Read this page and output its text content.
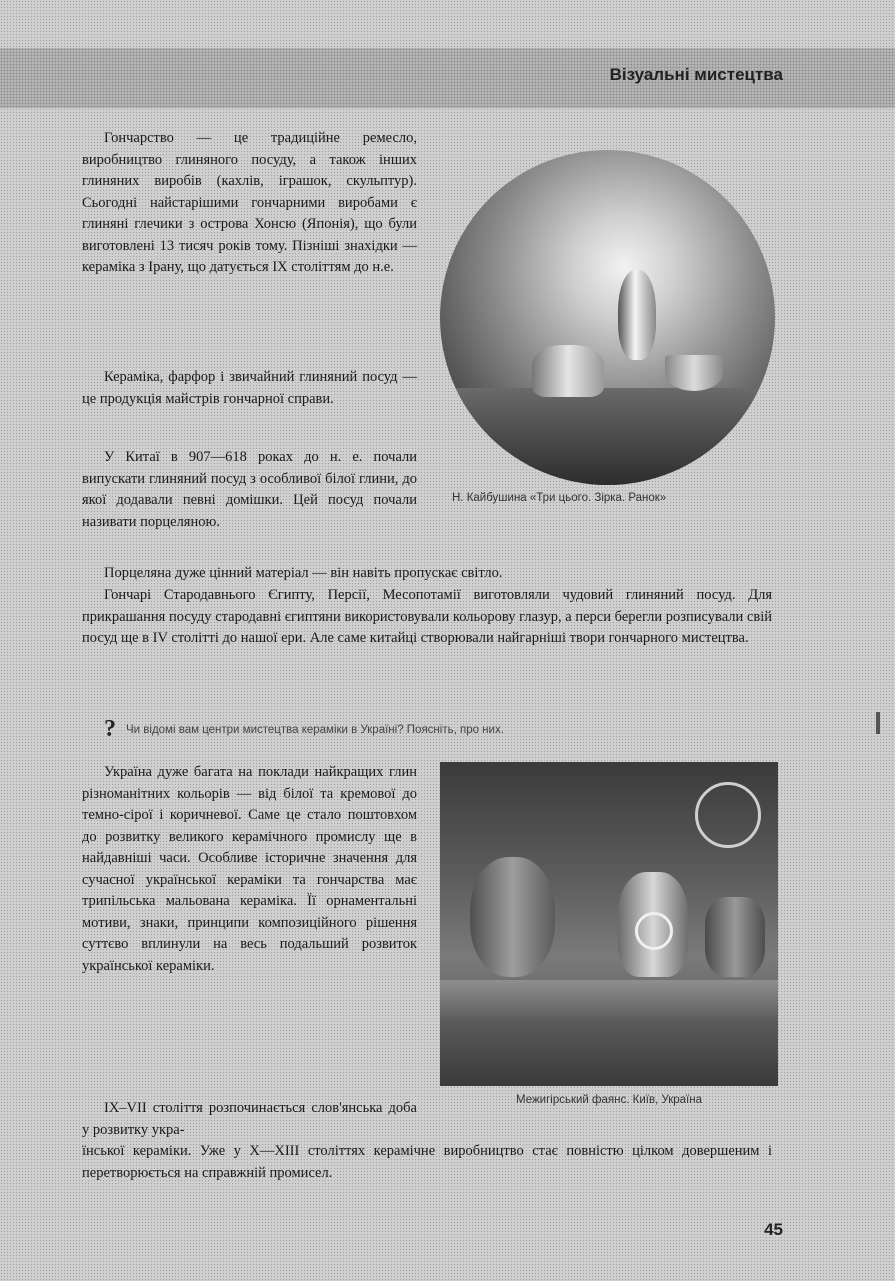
Візуальні мистецтва

Гончарство — це традиційне ремесло, виробництво глиняного посуду, а також інших глиняних виробів (кахлів, іграшок, скульптур). Сьогодні найстарішими гончарними виробами є глиняні глечики з острова Хонсю (Японія), що були виготовлені 13 тисяч років тому. Пізніші знахідки — кераміка з Ірану, що датується IX століттям до н.е.

Кераміка, фарфор і звичайний глиняний посуд — це продукція майстрів гончарної справи.

У Китаї в 907—618 роках до н. е. почали випускати глиняний посуд з особливої білої глини, до якої додавали певні домішки. Цей посуд почали називати порцеляною.

Порцеляна дуже цінний матеріал — він навіть пропускає світло.

Гончарі Стародавнього Єгипту, Персії, Месопотамії виготовляли чудовий глиняний посуд. Для прикрашання посуду стародавні єгиптяни використовували кольорову глазур, а перси берегли розписували свій посуд ще в IV столітті до нашої ери. Але саме китайці створювали найгарніші твори гончарного мистецтва.

Н. Кайбушина «Три цього. Зірка. Ранок»
? Чи відомі вам центри мистецтва кераміки в Україні? Поясніть, про них.

Україна дуже багата на поклади найкращих глин різноманітних кольорів — від білої та кремової до темно-сірої і коричневої. Саме це стало поштовхом до розвитку великого керамічного промислу ще в найдавніші часи. Особливе історичне значення для сучасної української кераміки та гончарства має трипільська мальована кераміка. Її орнаментальні мотиви, знаки, принципи композиційного рішення суттєво вплинули на весь подальший розвиток української кераміки.

Межигірський фаянс. Київ, Україна

IX–VII століття розпочинається слов'янська доба у розвитку укра-

їнської кераміки. Уже у X—XIII століттях керамічне виробництво стає повністю цілком довершеним і перетворюється на справжній промисел.

45
